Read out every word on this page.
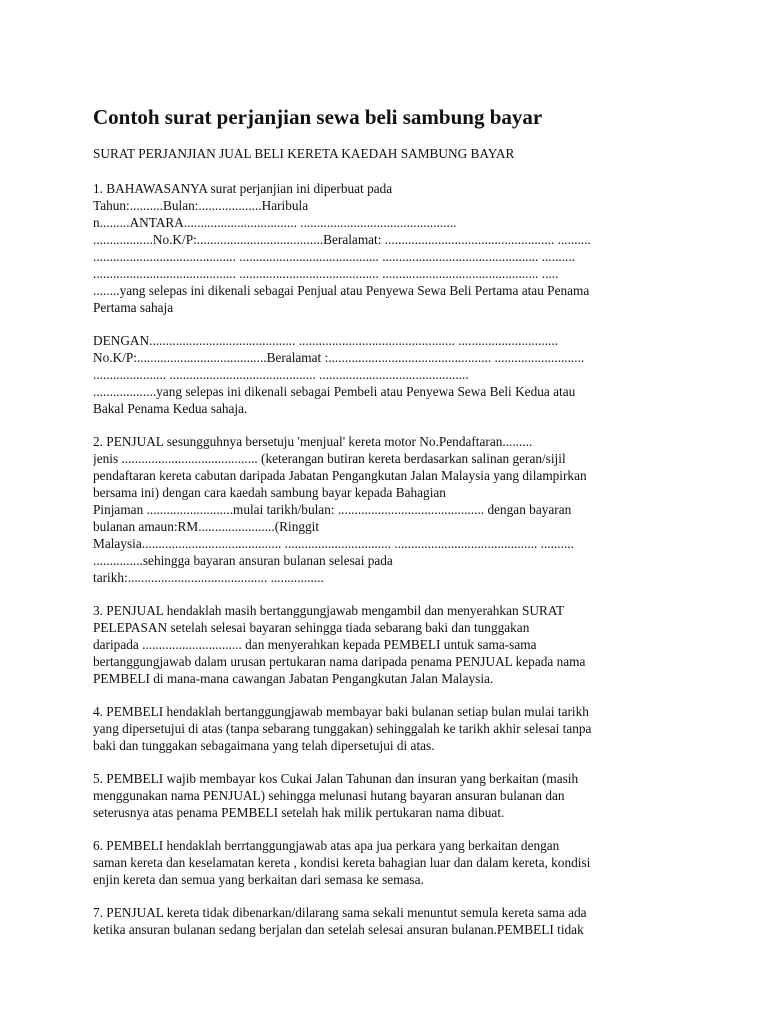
Contoh surat perjanjian sewa beli sambung bayar
SURAT PERJANJIAN JUAL BELI KERETA KAEDAH SAMBUNG BAYAR
1. BAHAWASANYA surat perjanjian ini diperbuat pada
Tahun:..........Bulan:...................Haribula
n.........ANTARA.................................. ...............................................
..................No.K/P:......................................Beralamat: ................................................... ..........
........................................... .......................................... ............................................... ..........
........................................... .......................................... ............................................... .....
........yang selepas ini dikenali sebagai Penjual atau Penyewa Sewa Beli Pertama atau Penama
Pertama sahaja
DENGAN............................................ ............................................... ..............................
No.K/P:.......................................Beralamat :................................................. ...........................
...................... ............................................ .............................................
...................yang selepas ini dikenali sebagai Pembeli atau Penyewa Sewa Beli Kedua atau
Bakal Penama Kedua sahaja.
2. PENJUAL sesungguhnya bersetuju 'menjual' kereta motor No.Pendaftaran.........
jenis ......................................... (keterangan butiran kereta berdasarkan salinan geran/sijil
pendaftaran kereta cabutan daripada Jabatan Pengangkutan Jalan Malaysia yang dilampirkan
bersama ini) dengan cara kaedah sambung bayar kepada Bahagian
Pinjaman ..........................mulai tarikh/bulan: ............................................ dengan bayaran
bulanan amaun:RM.......................(Ringgit
Malaysia.......................................... ................................ ........................................... ..........
...............sehingga bayaran ansuran bulanan selesai pada
tarikh:.......................................... ................
3. PENJUAL hendaklah masih bertanggungjawab mengambil dan menyerahkan SURAT
PELEPASAN setelah selesai bayaran sehingga tiada sebarang baki dan tunggakan
daripada .............................. dan menyerahkan kepada PEMBELI untuk sama-sama
bertanggungjawab dalam urusan pertukaran nama daripada penama PENJUAL kepada nama
PEMBELI di mana-mana cawangan Jabatan Pengangkutan Jalan Malaysia.
4. PEMBELI hendaklah bertanggungjawab membayar baki bulanan setiap bulan mulai tarikh
yang dipersetujui di atas (tanpa sebarang tunggakan) sehinggalah ke tarikh akhir selesai tanpa
baki dan tunggakan sebagaimana yang telah dipersetujui di atas.
5. PEMBELI wajib membayar kos Cukai Jalan Tahunan dan insuran yang berkaitan (masih
menggunakan nama PENJUAL) sehingga melunasi hutang bayaran ansuran bulanan dan
seterusnya atas penama PEMBELI setelah hak milik pertukaran nama dibuat.
6. PEMBELI hendaklah berrtanggungjawab atas apa jua perkara yang berkaitan dengan
saman kereta dan keselamatan kereta , kondisi kereta bahagian luar dan dalam kereta, kondisi
enjin kereta dan semua yang berkaitan dari semasa ke semasa.
7. PENJUAL kereta tidak dibenarkan/dilarang sama sekali menuntut semula kereta sama ada
ketika ansuran bulanan sedang berjalan dan setelah selesai ansuran bulanan.PEMBELI tidak
